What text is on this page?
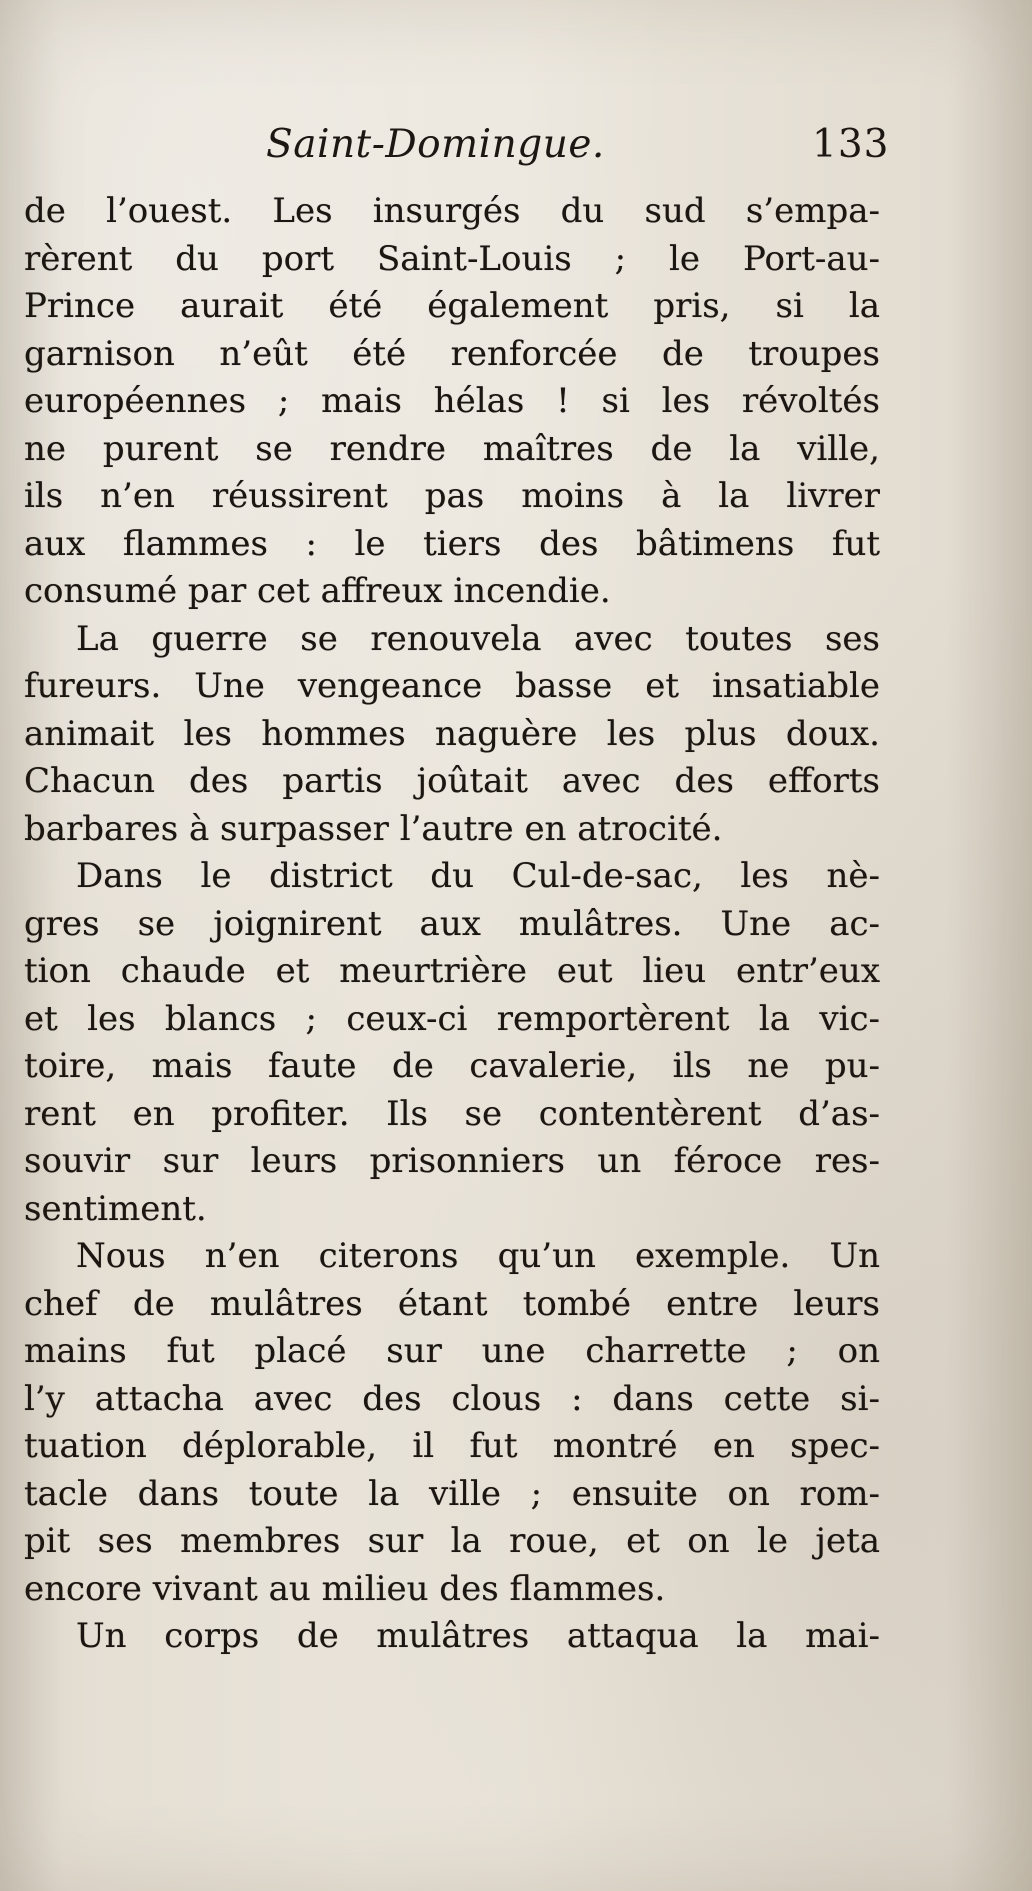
Saint-Domingue.	133
de l’ouest. Les insurgés du sud s’empa-
rèrent du port Saint-Louis ; le Port-au-
Prince aurait été également pris, si la
garnison n’eût été renforcée de troupes
européennes ; mais hélas ! si les révoltés
ne purent se rendre maîtres de la ville,
ils n’en réussirent pas moins à la livrer
aux flammes : le tiers des bâtimens fut
consumé par cet affreux incendie.
La guerre se renouvela avec toutes ses
fureurs. Une vengeance basse et insatiable
animait les hommes naguère les plus doux.
Chacun des partis joûtait avec des efforts
barbares à surpasser l’autre en atrocité.
Dans le district du Cul-de-sac, les nè-
gres se joignirent aux mulâtres. Une ac-
tion chaude et meurtrière eut lieu entr’eux
et les blancs ; ceux-ci remportèrent la vic-
toire, mais faute de cavalerie, ils ne pu-
rent en profiter. Ils se contentèrent d’as-
souvir sur leurs prisonniers un féroce res-
sentiment.
Nous n’en citerons qu’un exemple. Un
chef de mulâtres étant tombé entre leurs
mains fut placé sur une charrette ; on
l’y attacha avec des clous : dans cette si-
tuation déplorable, il fut montré en spec-
tacle dans toute la ville ; ensuite on rom-
pit ses membres sur la roue, et on le jeta
encore vivant au milieu des flammes.
Un corps de mulâtres attaqua la mai-
